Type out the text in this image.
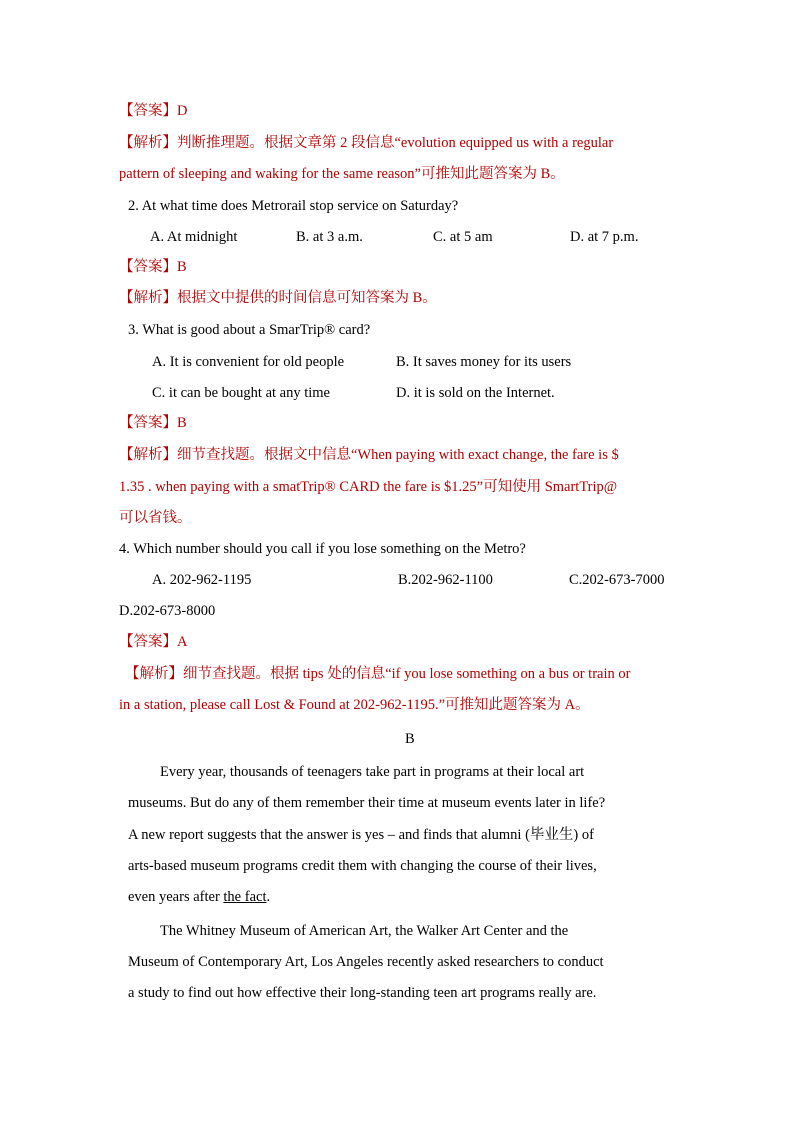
【答案】D
【解析】判断推理题。根据文章第 2 段信息“evolution equipped us with a regular
pattern of sleeping and waking for the same reason”可推知此题答案为 B。
2. At what time does Metrorail stop service on Saturday?
A. At midnight	B. at 3 a.m.	C. at 5 am	D. at 7 p.m.
【答案】B
【解析】根据文中提供的时间信息可知答案为 B。
3. What is good about a SmarTrip® card?
A. It is convenient for old people	B. It saves money for its users
C. it can be bought at any time	D. it is sold on the Internet.
【答案】B
【解析】细节查找题。根据文中信息“When paying with exact change, the fare is $
1.35 . when paying with a smatTrip® CARD the fare is $1.25”可知使用 SmartTrip@
可以省钱。
4. Which number should you call if you lose something on the Metro?
A. 202-962-1195	B.202-962-1100	C.202-673-7000
D.202-673-8000
【答案】A
【解析】细节查找题。根据 tips 处的信息“if you lose something on a bus or train or
in a station, please call Lost & Found at 202-962-1195.”可推知此题答案为 A。
B
Every year, thousands of teenagers take part in programs at their local art
museums. But do any of them remember their time at museum events later in life?
A new report suggests that the answer is yes – and finds that alumni (毕业生) of
arts-based museum programs credit them with changing the course of their lives,
even years after the fact.
The Whitney Museum of American Art, the Walker Art Center and the
Museum of Contemporary Art, Los Angeles recently asked researchers to conduct
a study to find out how effective their long-standing teen art programs really are.
